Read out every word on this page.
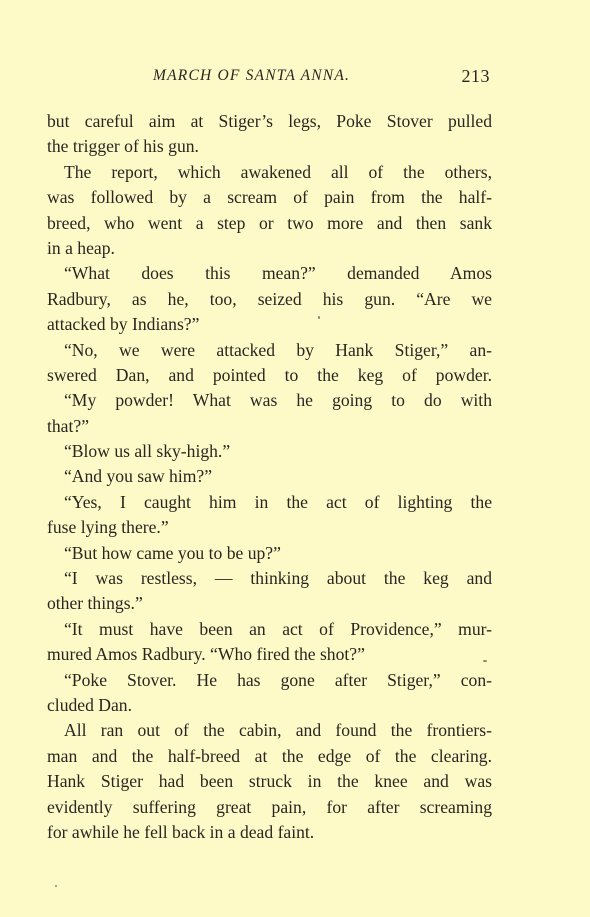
MARCH OF SANTA ANNA.	213
but careful aim at Stiger’s legs, Poke Stover pulled
the trigger of his gun.
The report, which awakened all of the others,
was followed by a scream of pain from the half-
breed, who went a step or two more and then sank
in a heap.
“What does this mean?” demanded Amos
Radbury, as he, too, seized his gun. “Are we
attacked by Indians?”
“No, we were attacked by Hank Stiger,” an-
swered Dan, and pointed to the keg of powder.
“My powder! What was he going to do with
that?”
“Blow us all sky-high.”
“And you saw him?”
“Yes, I caught him in the act of lighting the
fuse lying there.”
“But how came you to be up?”
“I was restless, — thinking about the keg and
other things.”
“It must have been an act of Providence,” mur-
mured Amos Radbury. “Who fired the shot?”
“Poke Stover. He has gone after Stiger,” con-
cluded Dan.
All ran out of the cabin, and found the frontiers-
man and the half-breed at the edge of the clearing.
Hank Stiger had been struck in the knee and was
evidently suffering great pain, for after screaming
for awhile he fell back in a dead faint.
